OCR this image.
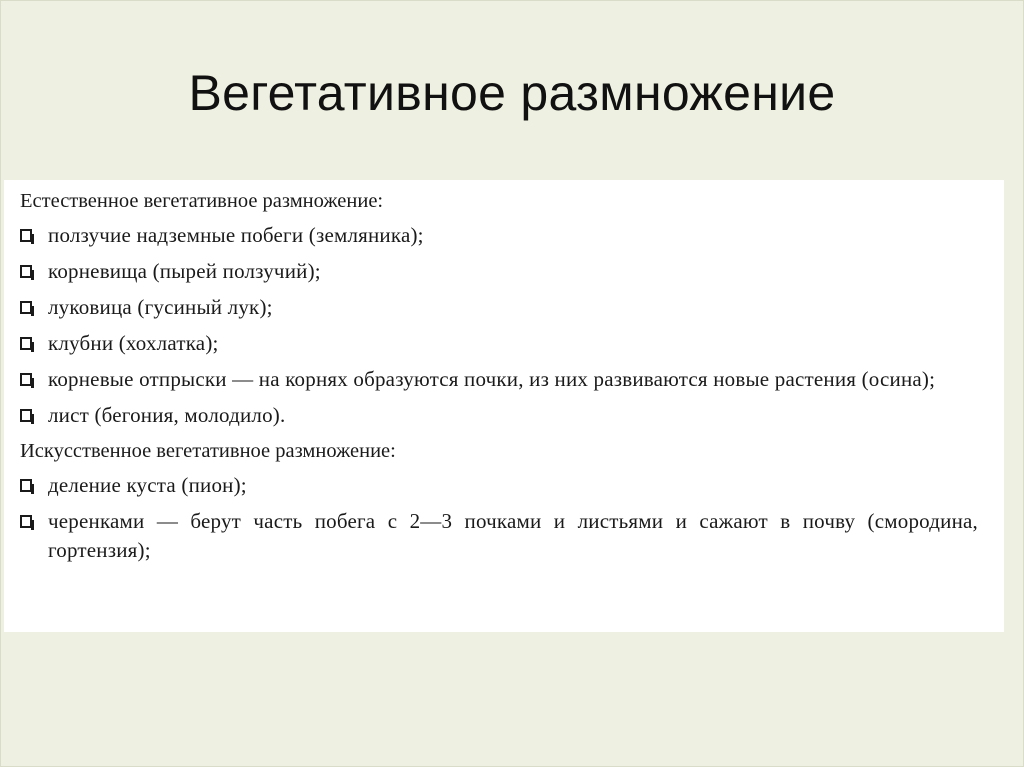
Вегетативное размножение
Естественное вегетативное размножение:
ползучие надземные побеги (земляника);
корневища (пырей ползучий);
луковица (гусиный лук);
клубни (хохлатка);
корневые отпрыски — на корнях образуются почки, из них развиваются новые растения (осина);
лист (бегония, молодило).
Искусственное вегетативное размножение:
деление куста (пион);
черенками — берут часть побега с 2—3 почками и листьями и сажают в почву (смородина, гортензия);
